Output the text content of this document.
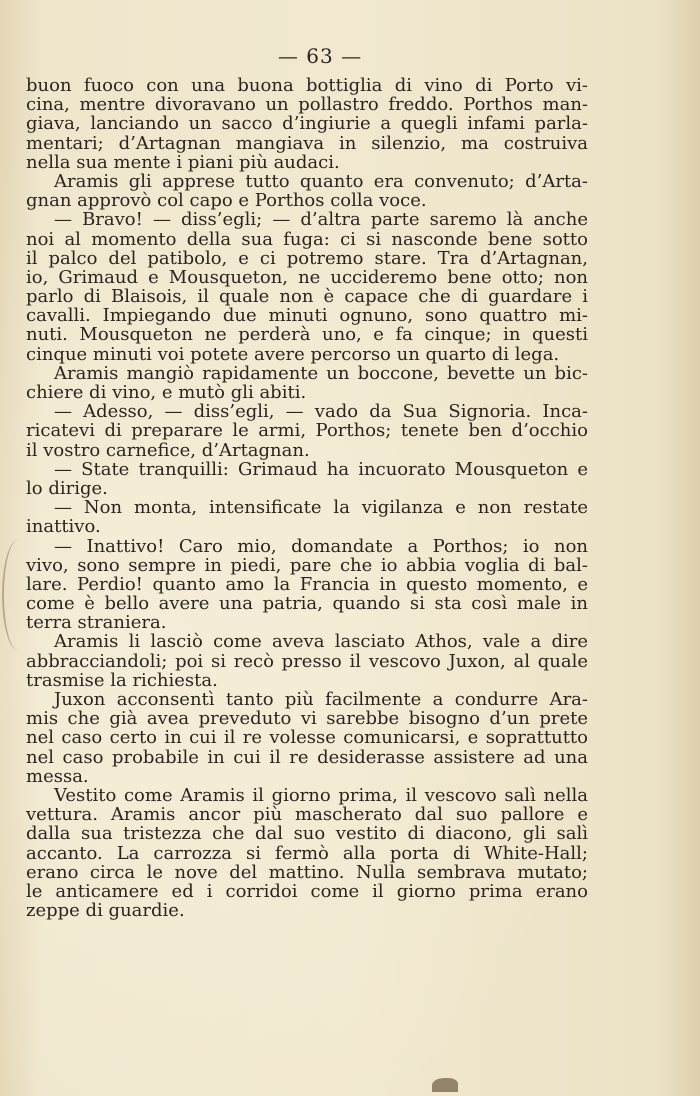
— 63 —
buon fuoco con una buona bottiglia di vino di Porto vi-
cina, mentre divoravano un pollastro freddo. Porthos man-
giava, lanciando un sacco d’ingiurie a quegli infami parla-
mentari; d’Artagnan mangiava in silenzio, ma costruiva
nella sua mente i piani più audaci.
Aramis gli apprese tutto quanto era convenuto; d’Arta-
gnan approvò col capo e Porthos colla voce.
— Bravo! — diss’egli; — d’altra parte saremo là anche
noi al momento della sua fuga: ci si nasconde bene sotto
il palco del patibolo, e ci potremo stare. Tra d’Artagnan,
io, Grimaud e Mousqueton, ne uccideremo bene otto; non
parlo di Blaisois, il quale non è capace che di guardare i
cavalli. Impiegando due minuti ognuno, sono quattro mi-
nuti. Mousqueton ne perderà uno, e fa cinque; in questi
cinque minuti voi potete avere percorso un quarto di lega.
Aramis mangiò rapidamente un boccone, bevette un bic-
chiere di vino, e mutò gli abiti.
— Adesso, — diss’egli, — vado da Sua Signoria. Inca-
ricatevi di preparare le armi, Porthos; tenete ben d’occhio
il vostro carnefice, d’Artagnan.
— State tranquilli: Grimaud ha incuorato Mousqueton e
lo dirige.
— Non monta, intensificate la vigilanza e non restate
inattivo.
— Inattivo! Caro mio, domandate a Porthos; io non
vivo, sono sempre in piedi, pare che io abbia voglia di bal-
lare. Perdio! quanto amo la Francia in questo momento, e
come è bello avere una patria, quando si sta così male in
terra straniera.
Aramis li lasciò come aveva lasciato Athos, vale a dire
abbracciandoli; poi si recò presso il vescovo Juxon, al quale
trasmise la richiesta.
Juxon acconsentì tanto più facilmente a condurre Ara-
mis che già avea preveduto vi sarebbe bisogno d’un prete
nel caso certo in cui il re volesse comunicarsi, e soprattutto
nel caso probabile in cui il re desiderasse assistere ad una
messa.
Vestito come Aramis il giorno prima, il vescovo salì nella
vettura. Aramis ancor più mascherato dal suo pallore e
dalla sua tristezza che dal suo vestito di diacono, gli salì
accanto. La carrozza si fermò alla porta di White-Hall;
erano circa le nove del mattino. Nulla sembrava mutato;
le anticamere ed i corridoi come il giorno prima erano
zeppe di guardie.
